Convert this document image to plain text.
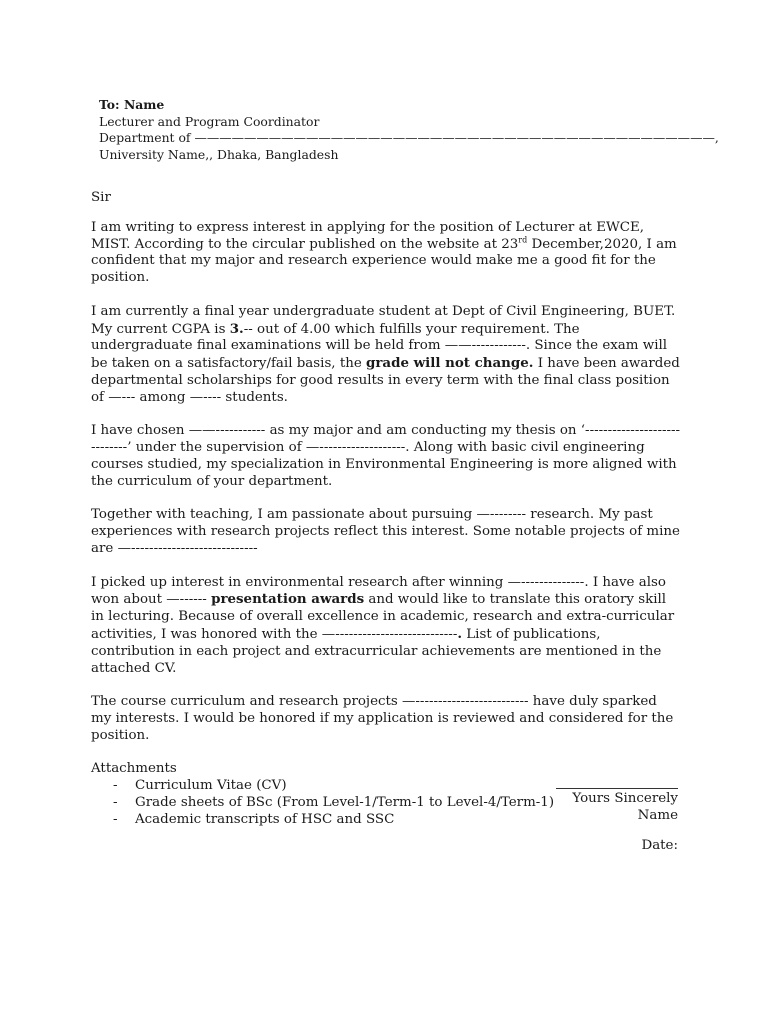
To: Name
Lecturer and Program Coordinator
Department of ——————————————————————————————————————————,
University Name,, Dhaka, Bangladesh

Sir

I am writing to express interest in applying for the position of Lecturer at EWCE, MIST. According to the circular published on the website at 23rd December,2020, I am confident that my major and research experience would make me a good fit for the position.

I am currently a final year undergraduate student at Dept of Civil Engineering, BUET. My current CGPA is 3.-- out of 4.00 which fulfills your requirement. The undergraduate final examinations will be held from ——------------. Since the exam will be taken on a satisfactory/fail basis, the grade will not change. I have been awarded departmental scholarships for good results in every term with the final class position of —--- among —---- students.

I have chosen ——----------- as my major and am conducting my thesis on ‘-----------------------------’ under the supervision of —-------------------. Along with basic civil engineering courses studied, my specialization in Environmental Engineering is more aligned with the curriculum of your department.

Together with teaching, I am passionate about pursuing —-------- research. My past experiences with research projects reflect this interest. Some notable projects of mine are —----------------------------

I picked up interest in environmental research after winning —--------------. I have also won about —------ presentation awards and would like to translate this oratory skill in lecturing. Because of overall excellence in academic, research and extra-curricular activities, I was honored with the —---------------------------. List of publications, contribution in each project and extracurricular achievements are mentioned in the attached CV.

The course curriculum and research projects —------------------------- have duly sparked my interests. I would be honored if my application is reviewed and considered for the position.

Attachments
- Curriculum Vitae (CV)
- Grade sheets of BSc (From Level-1/Term-1 to Level-4/Term-1)
- Academic transcripts of HSC and SSC
Yours Sincerely
Name
Date:
